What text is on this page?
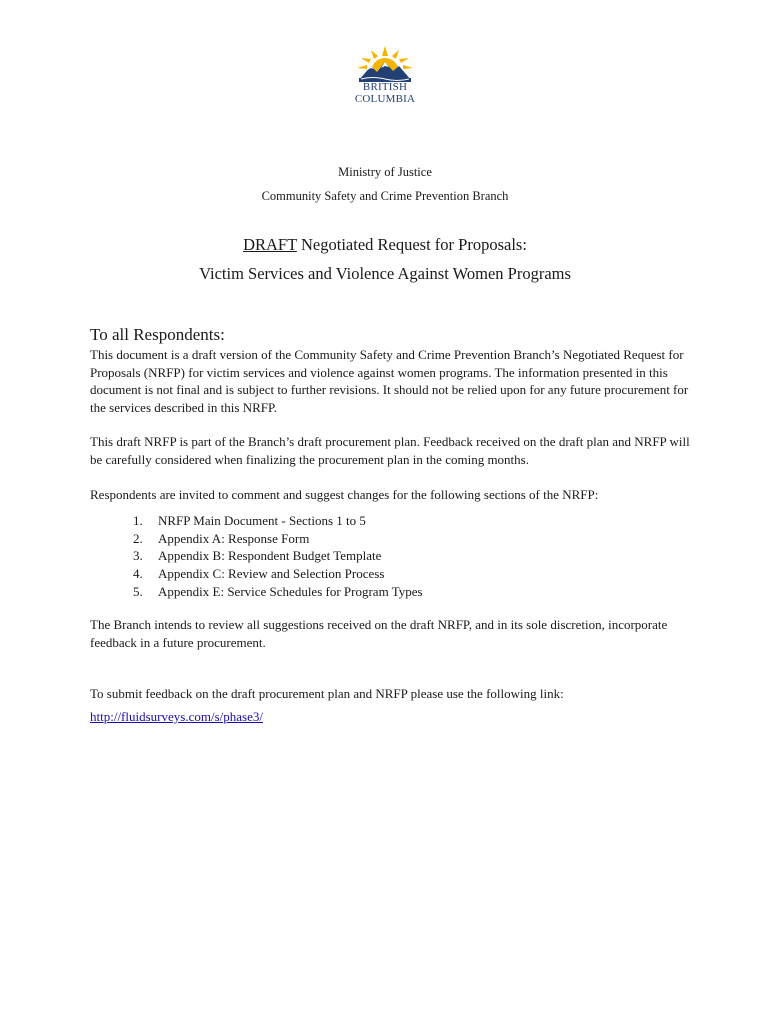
BRITISH
COLUMBIA
Ministry of Justice
Community Safety and Crime Prevention Branch
DRAFT Negotiated Request for Proposals:
Victim Services and Violence Against Women Programs
To all Respondents:

This document is a draft version of the Community Safety and Crime Prevention Branch’s Negotiated Request for Proposals (NRFP) for victim services and violence against women programs. The information presented in this document is not final and is subject to further revisions. It should not be relied upon for any future procurement for the services described in this NRFP.

This draft NRFP is part of the Branch’s draft procurement plan. Feedback received on the draft plan and NRFP will be carefully considered when finalizing the procurement plan in the coming months.

Respondents are invited to comment and suggest changes for the following sections of the NRFP:

1.	NRFP Main Document - Sections 1 to 5
2.	Appendix A: Response Form
3.	Appendix B: Respondent Budget Template
4.	Appendix C: Review and Selection Process
5.	Appendix E: Service Schedules for Program Types

The Branch intends to review all suggestions received on the draft NRFP, and in its sole discretion, incorporate feedback in a future procurement.

To submit feedback on the draft procurement plan and NRFP please use the following link:

http://fluidsurveys.com/s/phase3/
